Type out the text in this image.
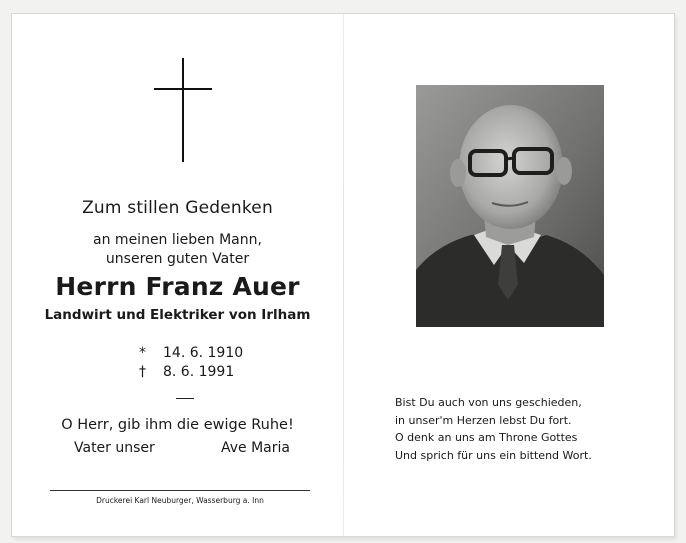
Zum stillen Gedenken
an meinen lieben Mann,
unseren guten Vater
Herrn Franz Auer
Landwirt und Elektriker von Irlham
*	14. 6. 1910
†	8. 6. 1991
O Herr, gib ihm die ewige Ruhe!
Vater unser	Ave Maria
Druckerei Karl Neuburger, Wasserburg a. Inn
Bist Du auch von uns geschieden,
in unser'm Herzen lebst Du fort.
O denk an uns am Throne Gottes
Und sprich für uns ein bittend Wort.
